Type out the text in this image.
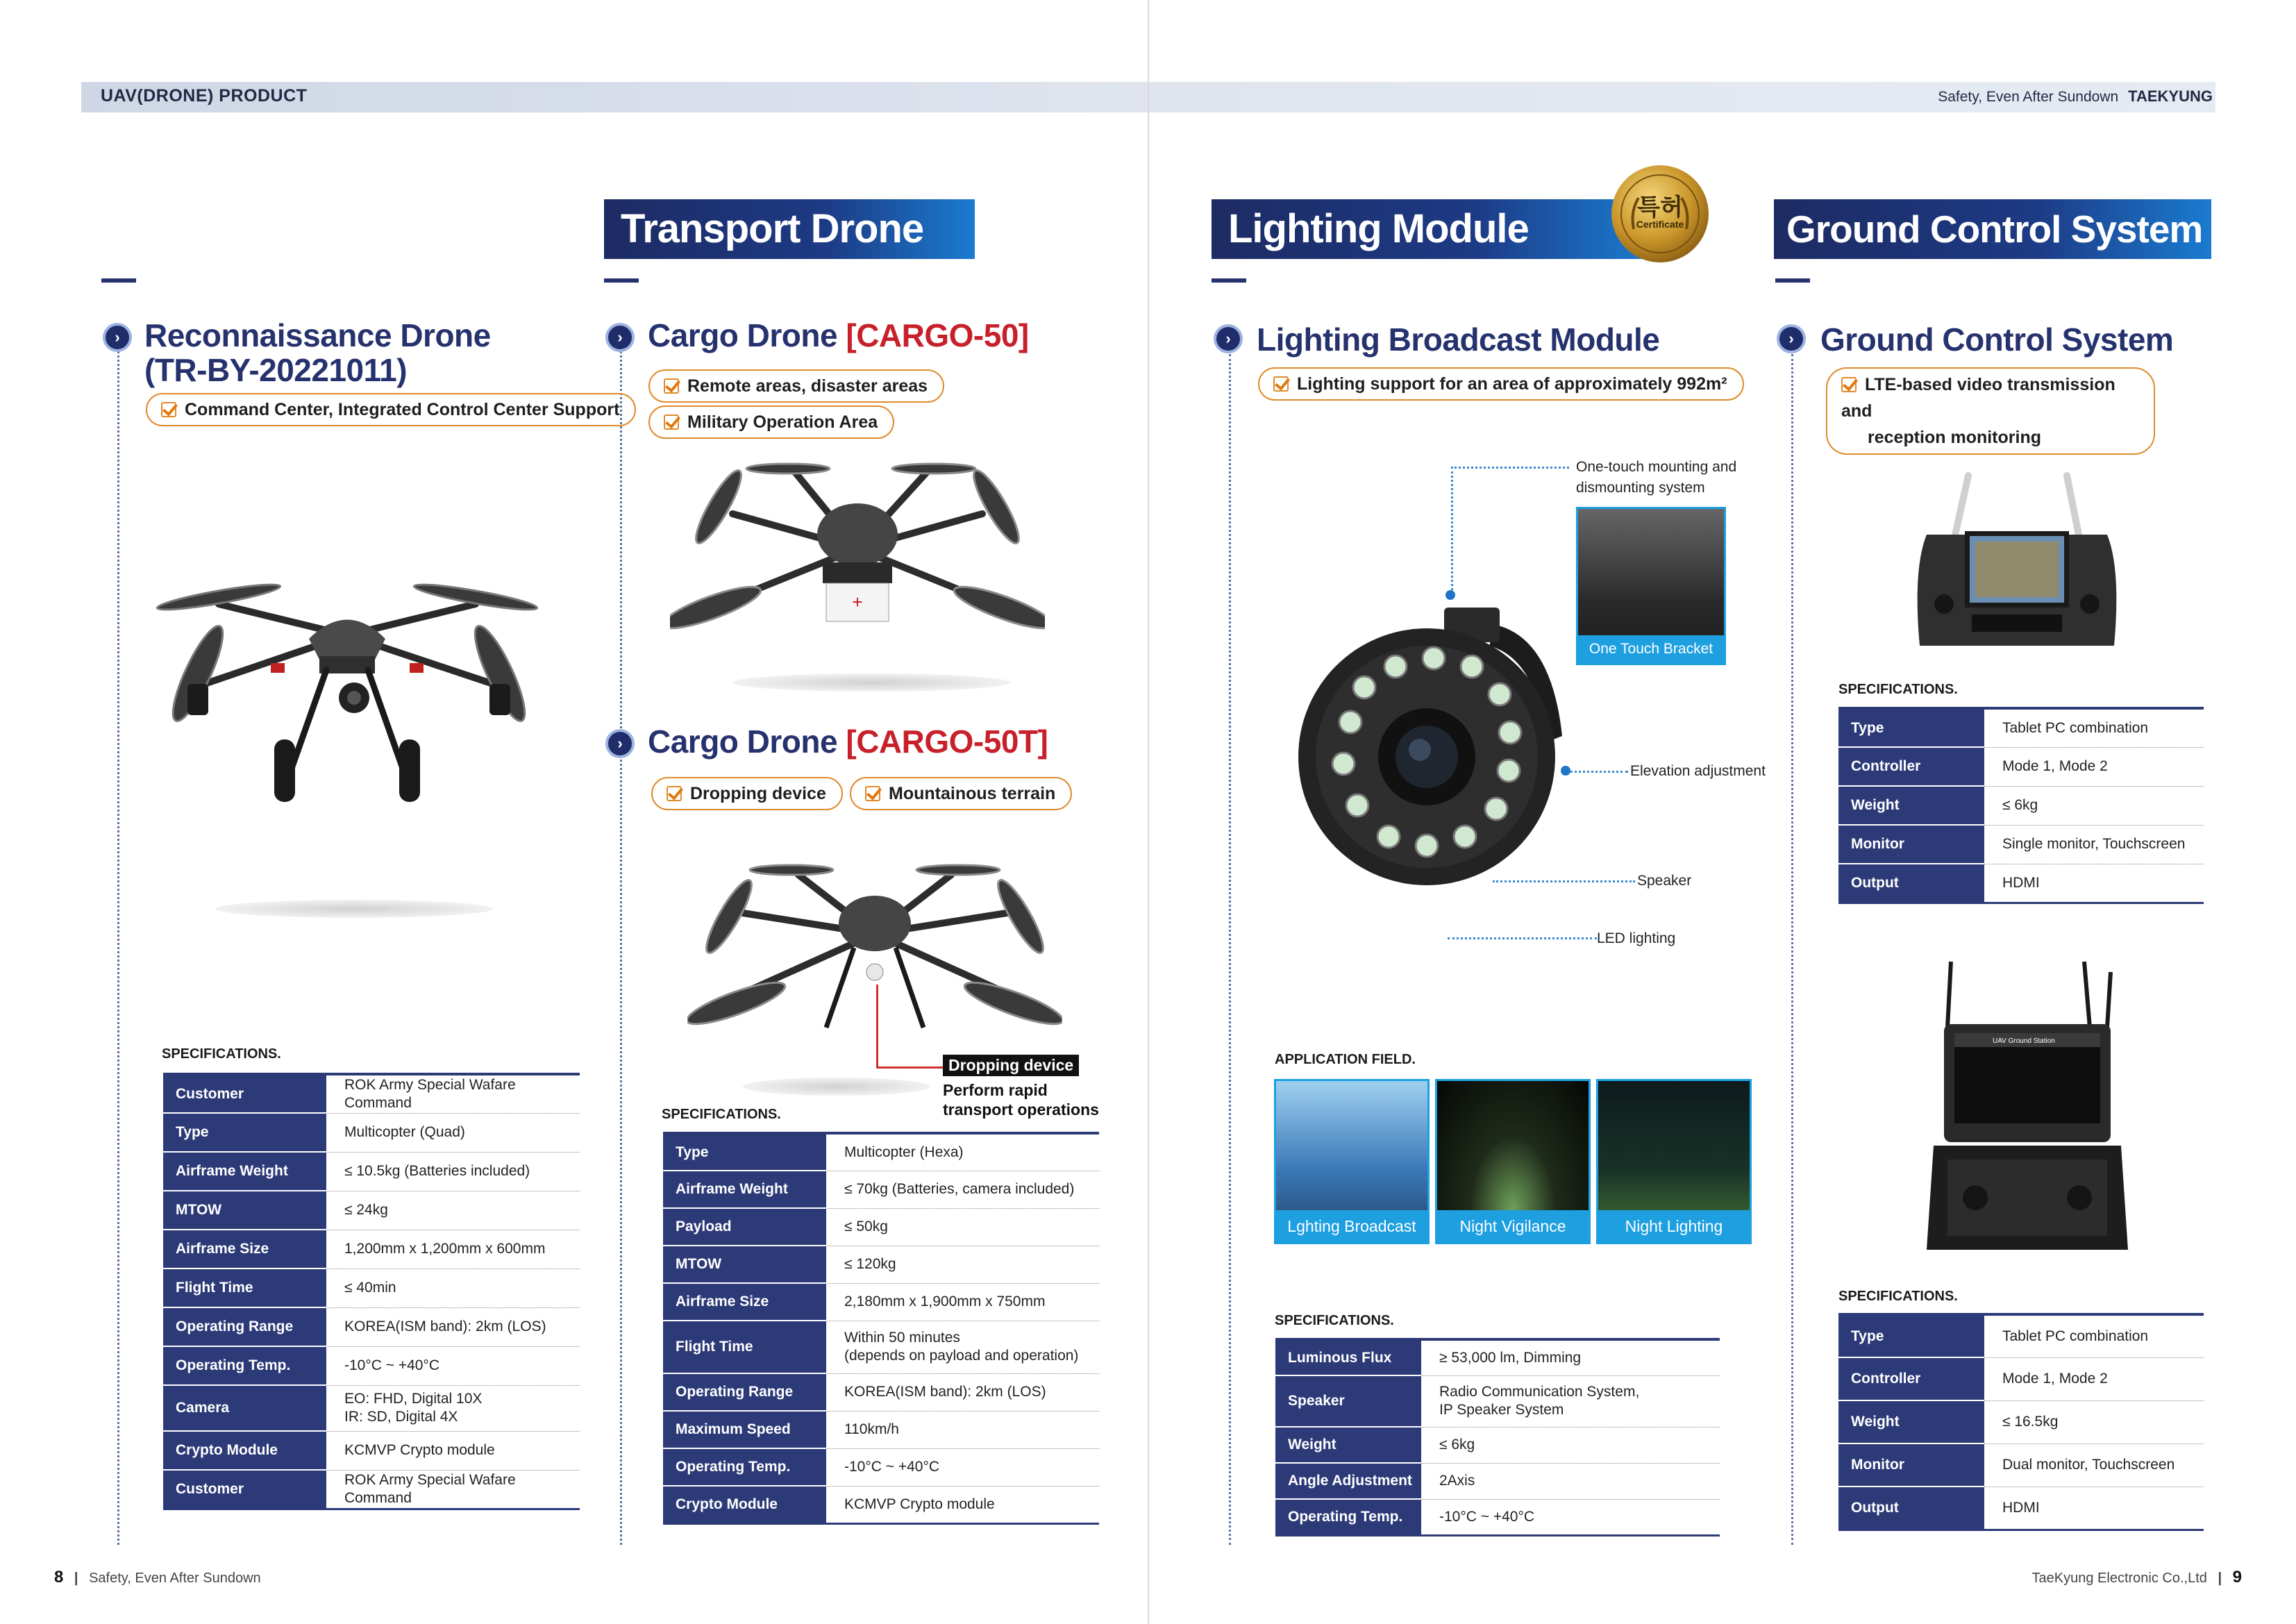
UAV(DRONE) PRODUCT	Safety, Even After Sundown TAEKYUNG
Transport Drone	Lighting Module	Ground Control System
특허
Certificate
› Reconnaissance Drone
(TR-BY-20221011)
Command Center, Integrated Control Center Support
SPECIFICATIONS.
Customer	ROK Army Special Wafare Command
Type	Multicopter (Quad)
Airframe Weight	≤ 10.5kg (Batteries included)
MTOW	≤ 24kg
Airframe Size	1,200mm x 1,200mm x 600mm
Flight Time	≤ 40min
Operating Range	KOREA(ISM band): 2km (LOS)
Operating Temp.	-10°C ~ +40°C
Camera	EO: FHD, Digital 10X
IR: SD, Digital 4X
Crypto Module	KCMVP Crypto module
Customer	ROK Army Special Wafare Command
› Cargo Drone [CARGO-50]
Remote areas, disaster areas
Military Operation Area
+
› Cargo Drone [CARGO-50T]
Dropping device	Mountainous terrain
Dropping device
Perform rapid transport operations
SPECIFICATIONS.
Type	Multicopter (Hexa)
Airframe Weight	≤ 70kg (Batteries, camera included)
Payload	≤ 50kg
MTOW	≤ 120kg
Airframe Size	2,180mm x 1,900mm x 750mm
Flight Time	Within 50 minutes
(depends on payload and operation)
Operating Range	KOREA(ISM band): 2km (LOS)
Maximum Speed	110km/h
Operating Temp.	-10°C ~ +40°C
Crypto Module	KCMVP Crypto module
› Lighting Broadcast Module
Lighting support for an area of approximately 992m²
One-touch mounting and
dismounting system
One Touch Bracket
Elevation adjustment
Speaker
LED lighting
APPLICATION FIELD.
Lghting Broadcast	Night Vigilance	Night Lighting
SPECIFICATIONS.
Luminous Flux	≥ 53,000 lm, Dimming
Speaker	Radio Communication System,
IP Speaker System
Weight	≤ 6kg
Angle Adjustment	2Axis
Operating Temp.	-10°C ~ +40°C
› Ground Control System
LTE-based video transmission and
reception monitoring
SPECIFICATIONS.
Type	Tablet PC combination
Controller	Mode 1, Mode 2
Weight	≤ 6kg
Monitor	Single monitor, Touchscreen
Output	HDMI
UAV Ground Station
SPECIFICATIONS.
Type	Tablet PC combination
Controller	Mode 1, Mode 2
Weight	≤ 16.5kg
Monitor	Dual monitor, Touchscreen
Output	HDMI
8 | Safety, Even After Sundown	TaeKyung Electronic Co.,Ltd | 9
